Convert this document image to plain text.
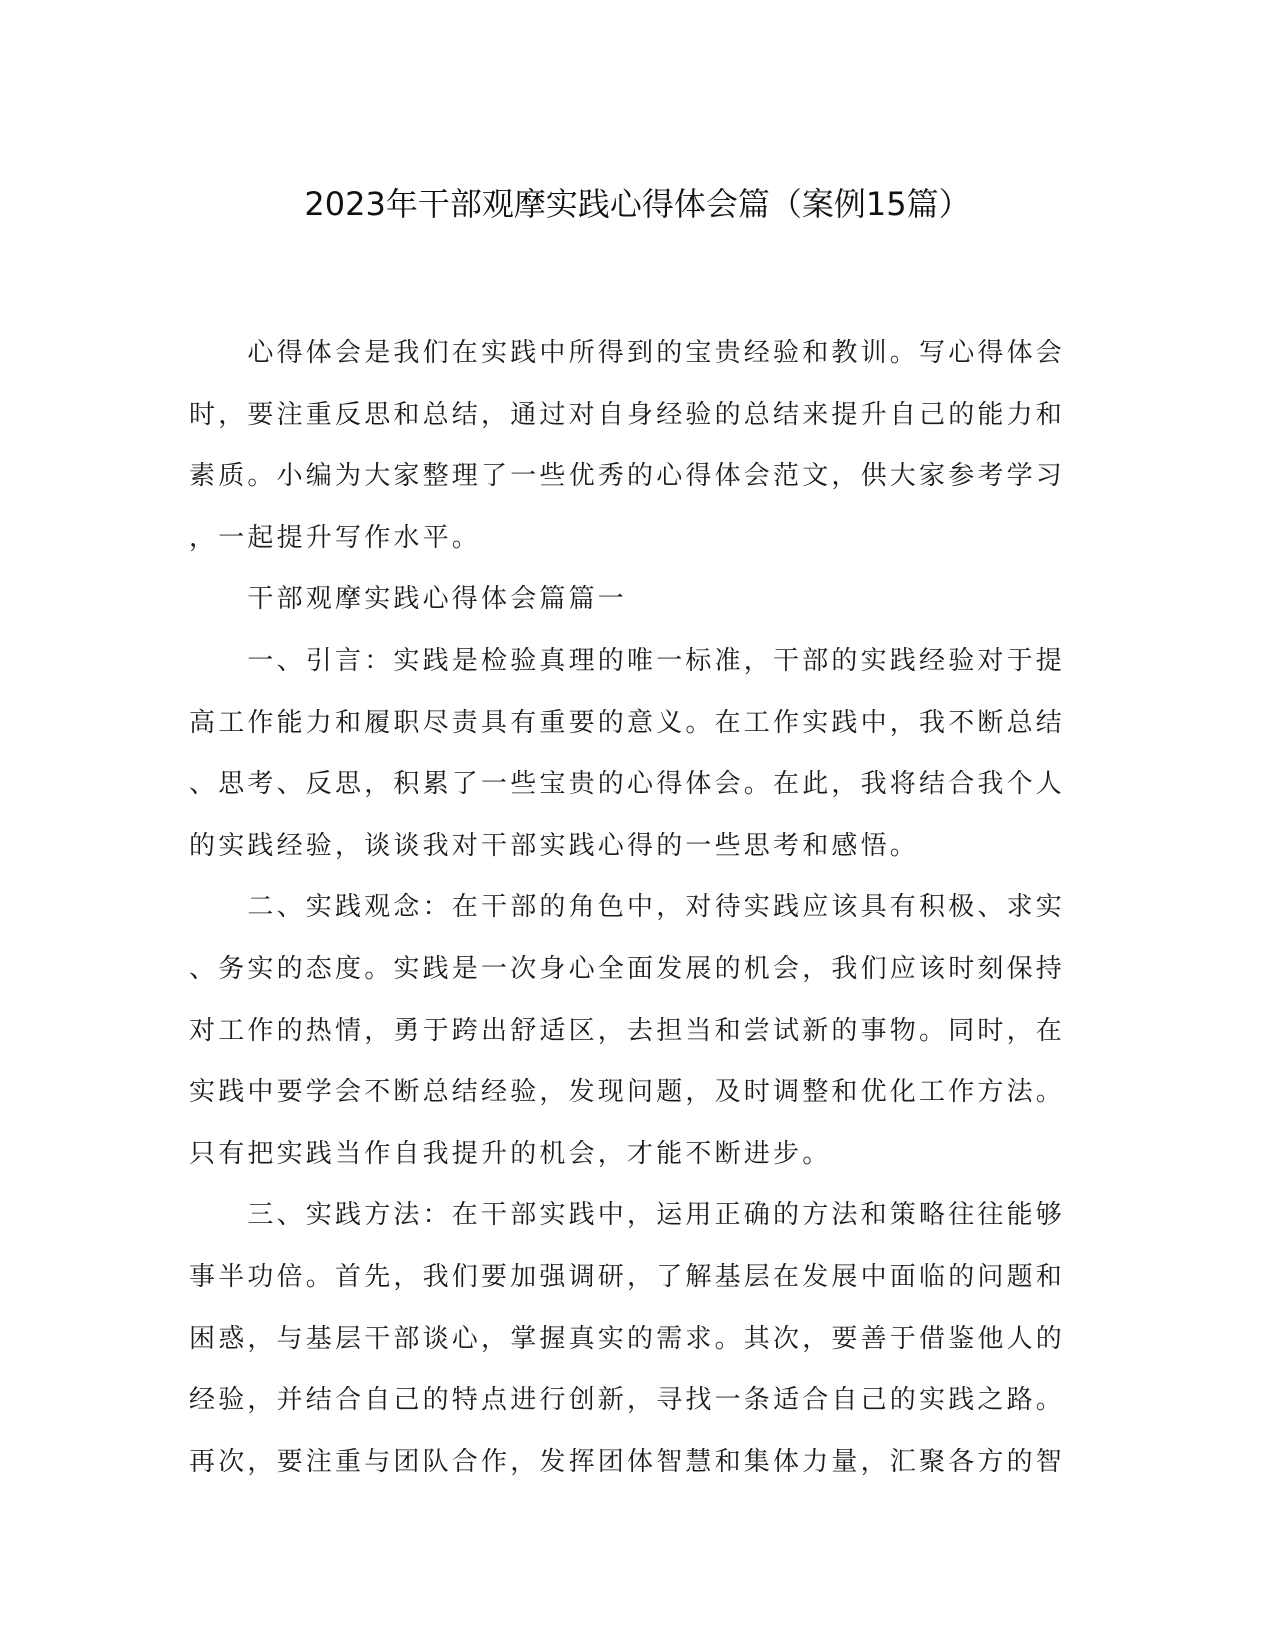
2023年干部观摩实践心得体会篇（案例15篇）
　　心得体会是我们在实践中所得到的宝贵经验和教训。写心得体会
时，要注重反思和总结，通过对自身经验的总结来提升自己的能力和
素质。小编为大家整理了一些优秀的心得体会范文，供大家参考学习
，一起提升写作水平。
　　干部观摩实践心得体会篇篇一
　　一、引言：实践是检验真理的唯一标准，干部的实践经验对于提
高工作能力和履职尽责具有重要的意义。在工作实践中，我不断总结
、思考、反思，积累了一些宝贵的心得体会。在此，我将结合我个人
的实践经验，谈谈我对干部实践心得的一些思考和感悟。
　　二、实践观念：在干部的角色中，对待实践应该具有积极、求实
、务实的态度。实践是一次身心全面发展的机会，我们应该时刻保持
对工作的热情，勇于跨出舒适区，去担当和尝试新的事物。同时，在
实践中要学会不断总结经验，发现问题，及时调整和优化工作方法。
只有把实践当作自我提升的机会，才能不断进步。
　　三、实践方法：在干部实践中，运用正确的方法和策略往往能够
事半功倍。首先，我们要加强调研，了解基层在发展中面临的问题和
困惑，与基层干部谈心，掌握真实的需求。其次，要善于借鉴他人的
经验，并结合自己的特点进行创新，寻找一条适合自己的实践之路。
再次，要注重与团队合作，发挥团体智慧和集体力量，汇聚各方的智
